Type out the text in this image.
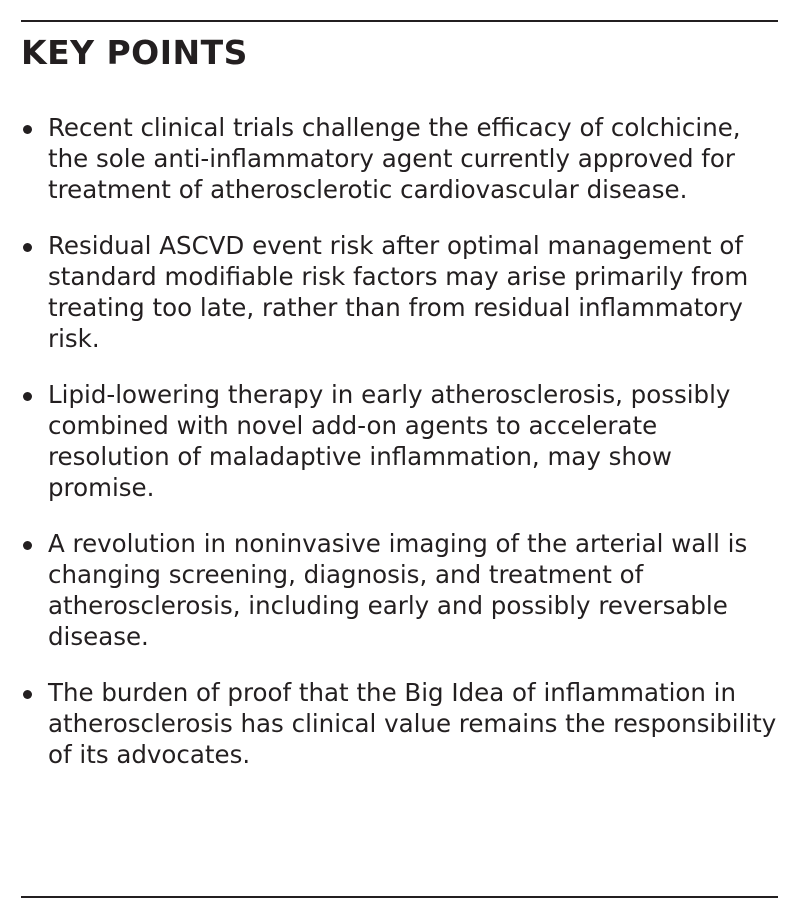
KEY POINTS
Recent clinical trials challenge the efficacy of colchicine, the sole anti-inflammatory agent currently approved for treatment of atherosclerotic cardiovascular disease.
Residual ASCVD event risk after optimal management of standard modifiable risk factors may arise primarily from treating too late, rather than from residual inflammatory risk.
Lipid-lowering therapy in early atherosclerosis, possibly combined with novel add-on agents to accelerate resolution of maladaptive inflammation, may show promise.
A revolution in noninvasive imaging of the arterial wall is changing screening, diagnosis, and treatment of atherosclerosis, including early and possibly reversable disease.
The burden of proof that the Big Idea of inflammation in atherosclerosis has clinical value remains the responsibility of its advocates.
